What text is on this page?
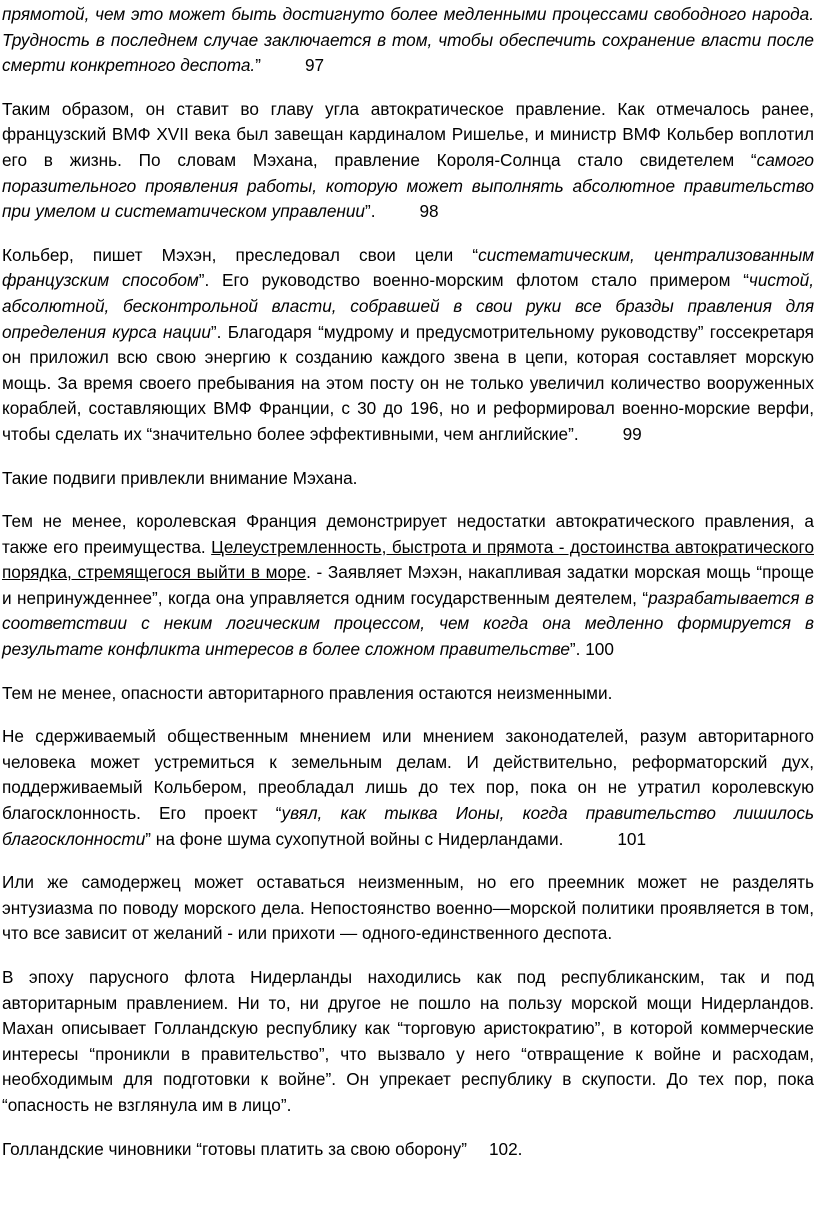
прямотой, чем это может быть достигнуто более медленными процессами свободного народа. Трудность в последнем случае заключается в том, чтобы обеспечить сохранение власти после смерти конкретного деспота.”	97

Таким образом, он ставит во главу угла автократическое правление. Как отмечалось ранее, французский ВМФ XVII века был завещан кардиналом Ришелье, и министр ВМФ Кольбер воплотил его в жизнь. По словам Мэхана, правление Короля-Солнца стало свидетелем “самого поразительного проявления работы, которую может выполнять абсолютное правительство при умелом и систематическом управлении”.	98

Кольбер, пишет Мэхэн, преследовал свои цели “систематическим, централизованным французским способом”. Его руководство военно-морским флотом стало примером “чистой, абсолютной, бесконтрольной власти, собравшей в свои руки все бразды правления для определения курса нации”. Благодаря “мудрому и предусмотрительному руководству” госсекретаря он приложил всю свою энергию к созданию каждого звена в цепи, которая составляет морскую мощь. За время своего пребывания на этом посту он не только увеличил количество вооруженных кораблей, составляющих ВМФ Франции, с 30 до 196, но и реформировал военно-морские верфи, чтобы сделать их “значительно более эффективными, чем английские”.	99

Такие подвиги привлекли внимание Мэхана.

Тем не менее, королевская Франция демонстрирует недостатки автократического правления, а также его преимущества. Целеустремленность, быстрота и прямота - достоинства автократического порядка, стремящегося выйти в море. - Заявляет Мэхэн, накапливая задатки морская мощь “проще и непринужденнее”, когда она управляется одним государственным деятелем, “разрабатывается в соответствии с неким логическим процессом, чем когда она медленно формируется в результате конфликта интересов в более сложном правительстве”. 100

Тем не менее, опасности авторитарного правления остаются неизменными.

Не сдерживаемый общественным мнением или мнением законодателей, разум авторитарного человека может устремиться к земельным делам. И действительно, реформаторский дух, поддерживаемый Кольбером, преобладал лишь до тех пор, пока он не утратил королевскую благосклонность. Его проект “увял, как тыква Ионы, когда правительство лишилось благосклонности” на фоне шума сухопутной войны с Нидерландами.	101

Или же самодержец может оставаться неизменным, но его преемник может не разделять энтузиазма по поводу морского дела. Непостоянство военно—морской политики проявляется в том, что все зависит от желаний - или прихоти — одного-единственного деспота.

В эпоху парусного флота Нидерланды находились как под республиканским, так и под авторитарным правлением. Ни то, ни другое не пошло на пользу морской мощи Нидерландов. Махан описывает Голландскую республику как “торговую аристократию”, в которой коммерческие интересы “проникли в правительство”, что вызвало у него “отвращение к войне и расходам, необходимым для подготовки к войне”. Он упрекает республику в скупости. До тех пор, пока “опасность не взглянула им в лицо”.

Голландские чиновники “готовы платить за свою оборону” 102.
